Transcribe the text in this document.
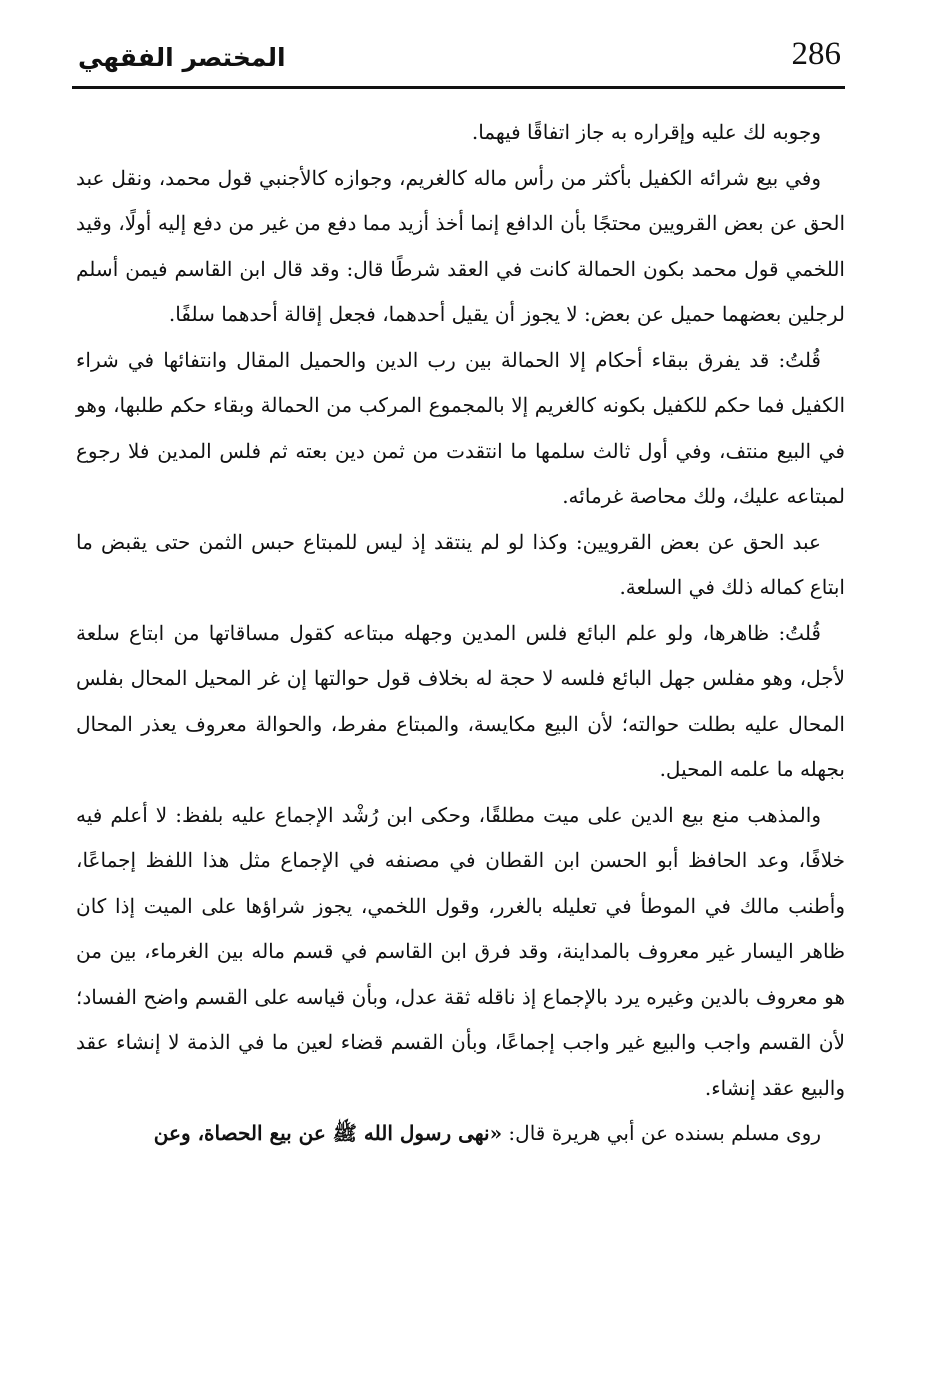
286
المختصر الفقهي

وجوبه لك عليه وإقراره به جاز اتفاقًا فيهما.

وفي بيع شرائه الكفيل بأكثر من رأس ماله كالغريم، وجوازه كالأجنبي قول محمد، ونقل عبد الحق عن بعض القرويين محتجًا بأن الدافع إنما أخذ أزيد مما دفع من غير من دفع إليه أولًا، وقيد اللخمي قول محمد بكون الحمالة كانت في العقد شرطًا قال: وقد قال ابن القاسم فيمن أسلم لرجلين بعضهما حميل عن بعض: لا يجوز أن يقيل أحدهما، فجعل إقالة أحدهما سلفًا.

قُلتُ: قد يفرق ببقاء أحكام إلا الحمالة بين رب الدين والحميل المقال وانتفائها في شراء الكفيل فما حكم للكفيل بكونه كالغريم إلا بالمجموع المركب من الحمالة وبقاء حكم طلبها، وهو في البيع منتف، وفي أول ثالث سلمها ما انتقدت من ثمن دين بعته ثم فلس المدين فلا رجوع لمبتاعه عليك، ولك محاصة غرمائه.

عبد الحق عن بعض القرويين: وكذا لو لم ينتقد إذ ليس للمبتاع حبس الثمن حتى يقبض ما ابتاع كماله ذلك في السلعة.

قُلتُ: ظاهرها، ولو علم البائع فلس المدين وجهله مبتاعه كقول مساقاتها من ابتاع سلعة لأجل، وهو مفلس جهل البائع فلسه لا حجة له بخلاف قول حوالتها إن غر المحيل المحال بفلس المحال عليه بطلت حوالته؛ لأن البيع مكايسة، والمبتاع مفرط، والحوالة معروف يعذر المحال بجهله ما علمه المحيل.

والمذهب منع بيع الدين على ميت مطلقًا، وحكى ابن رُشْد الإجماع عليه بلفظ: لا أعلم فيه خلافًا، وعد الحافظ أبو الحسن ابن القطان في مصنفه في الإجماع مثل هذا اللفظ إجماعًا، وأطنب مالك في الموطأ في تعليله بالغرر، وقول اللخمي، يجوز شراؤها على الميت إذا كان ظاهر اليسار غير معروف بالمداينة، وقد فرق ابن القاسم في قسم ماله بين الغرماء، بين من هو معروف بالدين وغيره يرد بالإجماع إذ ناقله ثقة عدل، وبأن قياسه على القسم واضح الفساد؛ لأن القسم واجب والبيع غير واجب إجماعًا، وبأن القسم قضاء لعين ما في الذمة لا إنشاء عقد والبيع عقد إنشاء.

روى مسلم بسنده عن أبي هريرة قال: «نهى رسول الله ﷺ عن بيع الحصاة، وعن
